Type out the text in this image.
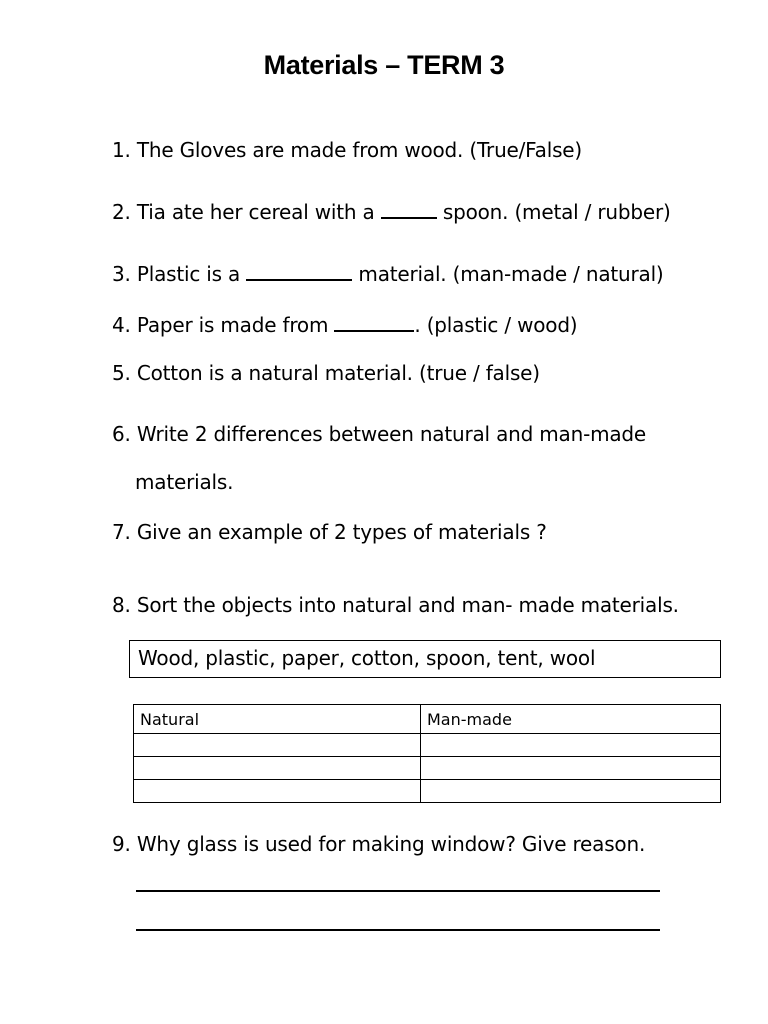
Materials – TERM 3
1. The Gloves are made from wood. (True/False)
2. Tia ate her cereal with a	spoon. (metal / rubber)
3. Plastic is a	material. (man-made / natural)
4. Paper is made from	. (plastic / wood)
5. Cotton is a natural material. (true / false)
6. Write 2 differences between natural and man-made
materials.
7. Give an example of 2 types of materials ?
8. Sort the objects into natural and man- made materials.
Wood, plastic, paper, cotton, spoon, tent, wool
Natural	Man-made

9. Why glass is used for making window? Give reason.
